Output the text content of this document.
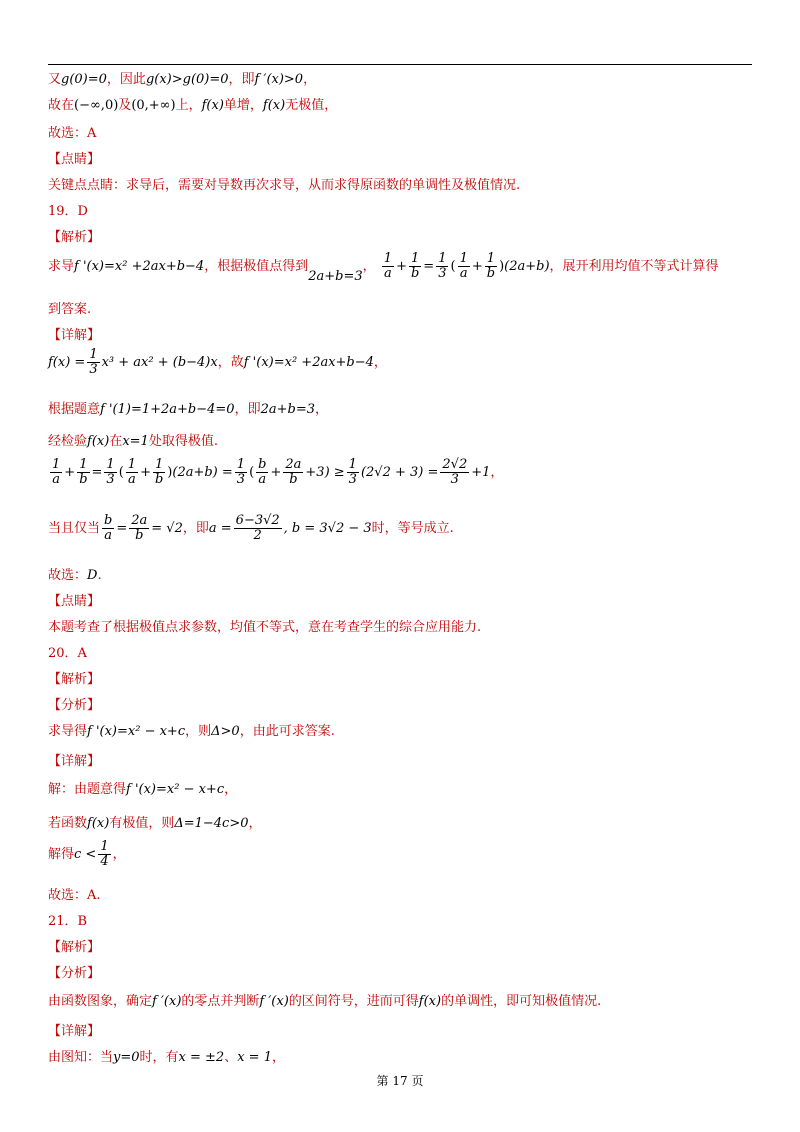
又g(0)=0，因此g(x)>g(0)=0，即f ′(x)>0，
故在(−∞,0)及(0,+∞)上，f(x)单增，f(x)无极值，
故选：A
【点睛】
关键点点睛：求导后，需要对导数再次求导，从而求得原函数的单调性及极值情况.
19．D
【解析】
求导f '(x)=x² +2ax+b−4，根据极值点得到2a+b=3， $\frac{1}{a} + \frac{1}{b} = \frac{1}{3}$ ( $\frac{1}{a} + \frac{1}{b} )(2a+b)$，展开利用均值不等式计算得
到答案.
【详解】
$f(x) = \frac{1}{3} x^3 + ax^2 + (b-4)x$，故f '(x)=x² +2ax+b−4，
根据题意f '(1)=1+2a+b−4=0，即2a+b=3，
经检验f(x)在x=1处取得极值.
$\frac{1}{a} + \frac{1}{b} = \frac{1}{3}$ ( $\frac{1}{a} + \frac{1}{b} )(2a+b) = \frac{1}{3}$ ( $\frac{b}{a} + \frac{2a}{b} +3) \ge \frac{1}{3} (2√2 + 3) = \frac{2√2}{3} +1$，
当且仅当 $\frac{b}{a} = \frac{2a}{b} = √2$，即$a = \frac{6-3√2}{2}$ , b = 3√2 − 3时，等号成立.
故选：D.
【点睛】
本题考查了根据极值点求参数，均值不等式，意在考查学生的综合应用能力.
20．A
【解析】
【分析】
求导得f '(x)=x² − x+c，则Δ>0，由此可求答案.
【详解】
解：由题意得f '(x)=x² − x+c，
若函数f(x)有极值，则Δ=1−4c>0，
解得$c < \frac{1}{4}$ ，
故选：A.
21．B
【解析】
【分析】
由函数图象，确定f ′(x)的零点并判断f ′(x)的区间符号，进而可得f(x)的单调性，即可知极值情况.
【详解】
由图知：当y=0时，有x = ±2、x = 1，
第 17 页
